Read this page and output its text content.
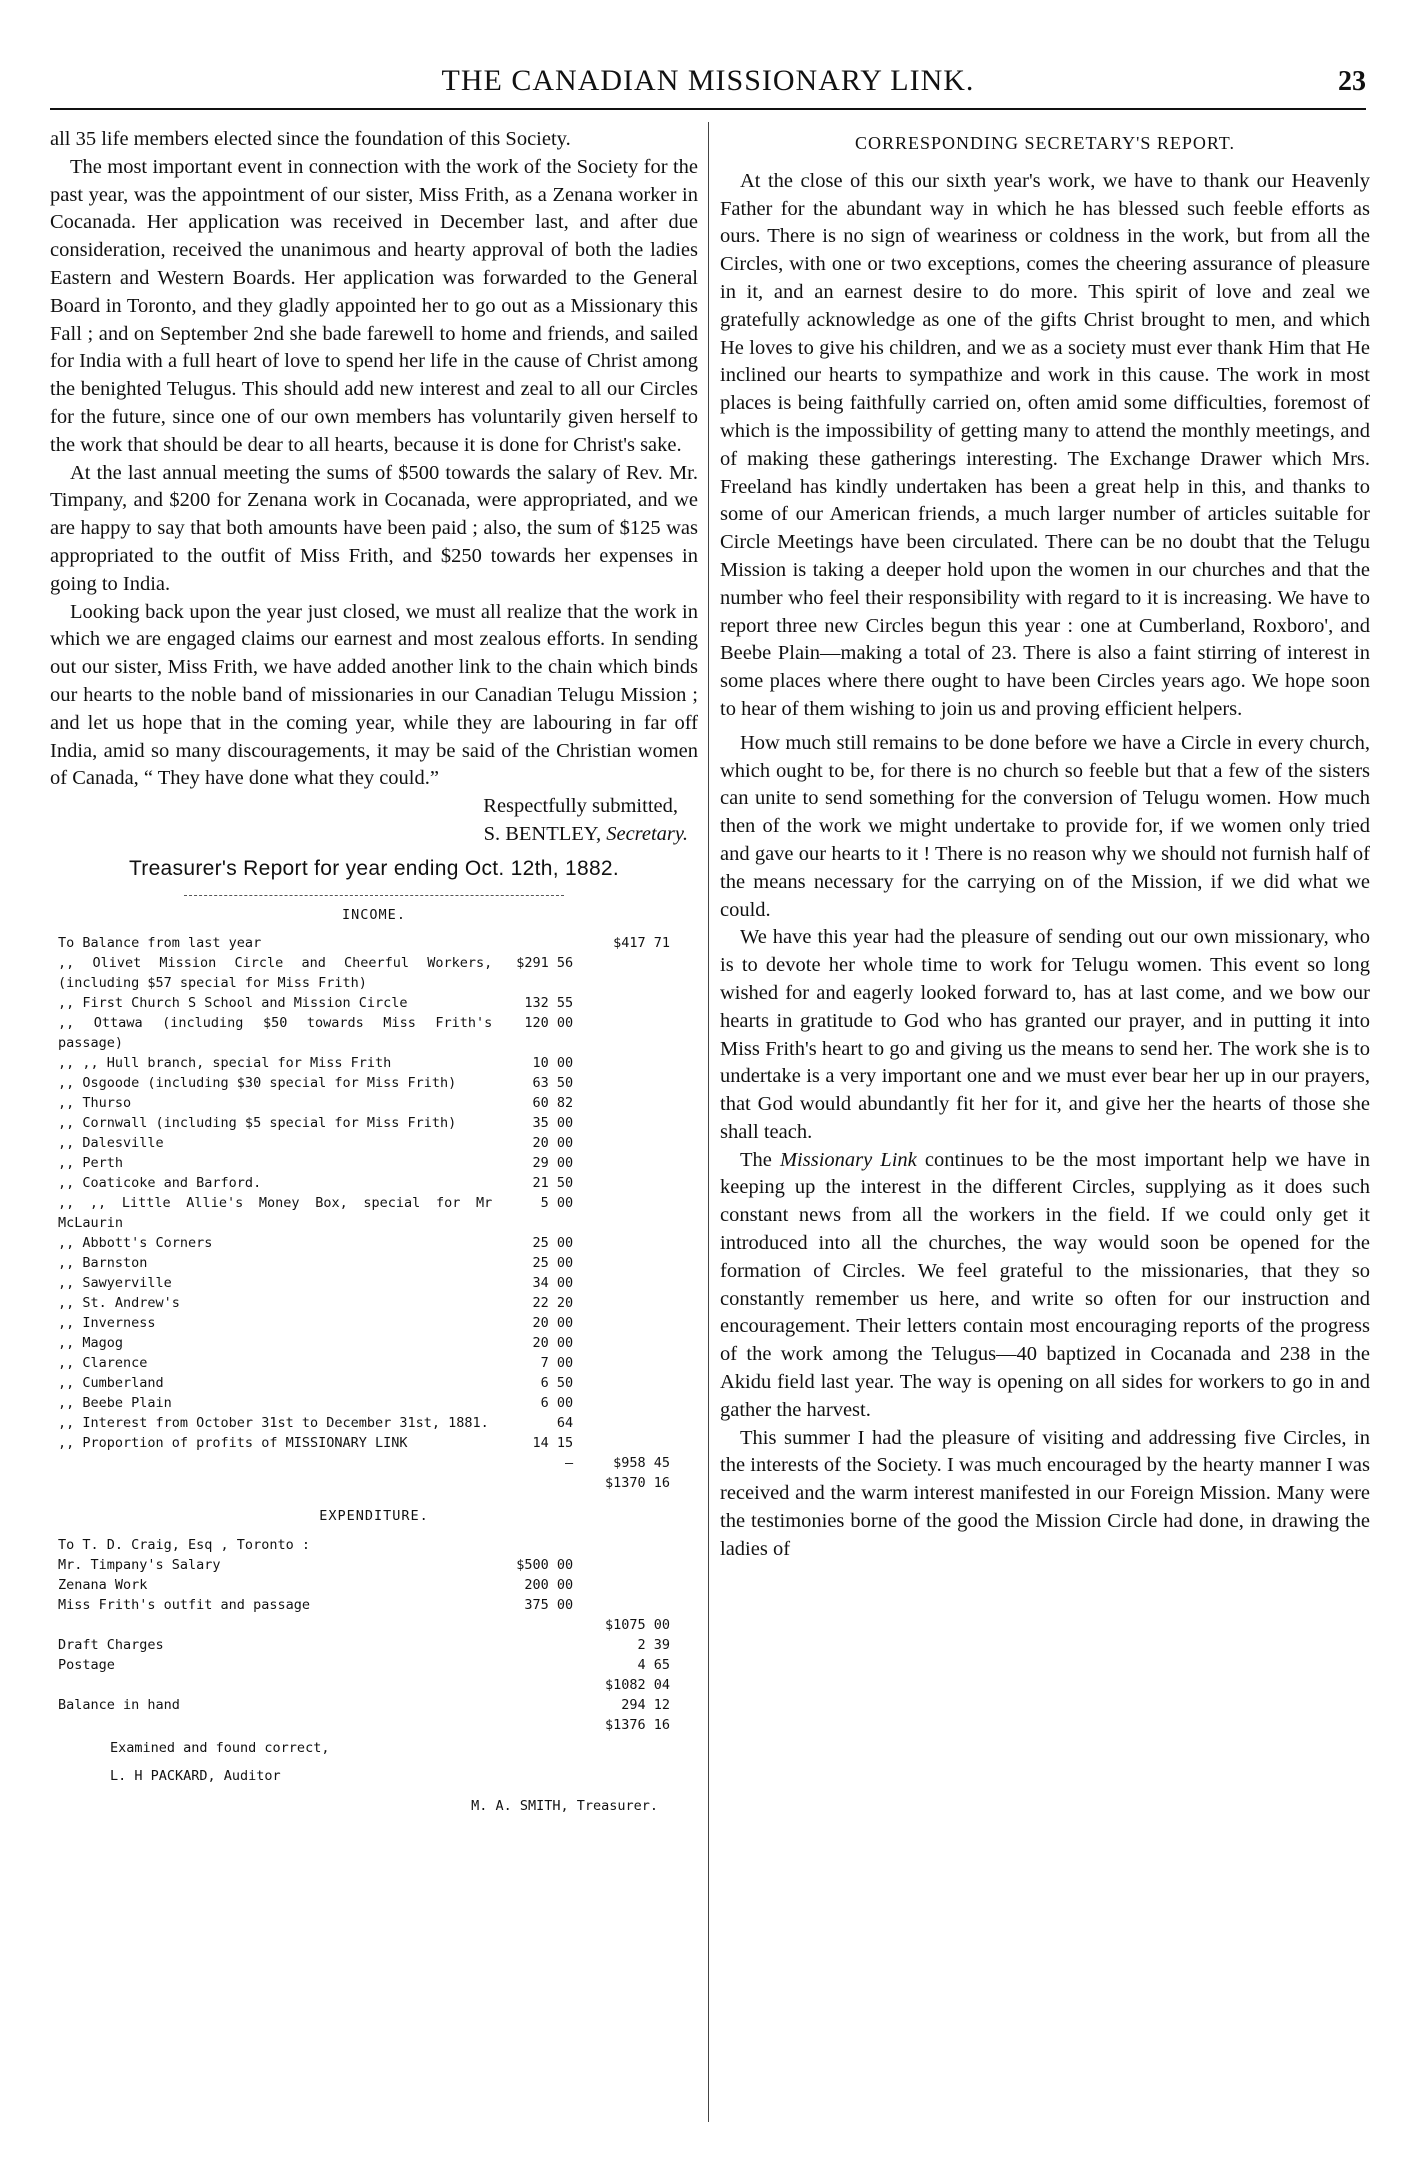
THE CANADIAN MISSIONARY LINK.	23

all 35 life members elected since the foundation of this Society.

The most important event in connection with the work of the Society for the past year, was the appointment of our sister, Miss Frith, as a Zenana worker in Cocanada. Her application was received in December last, and after due consideration, received the unanimous and hearty approval of both the ladies Eastern and Western Boards. Her application was forwarded to the General Board in Toronto, and they gladly appointed her to go out as a Missionary this Fall ; and on September 2nd she bade farewell to home and friends, and sailed for India with a full heart of love to spend her life in the cause of Christ among the benighted Telugus. This should add new interest and zeal to all our Circles for the future, since one of our own members has voluntarily given herself to the work that should be dear to all hearts, because it is done for Christ's sake.

At the last annual meeting the sums of $500 towards the salary of Rev. Mr. Timpany, and $200 for Zenana work in Cocanada, were appropriated, and we are happy to say that both amounts have been paid ; also, the sum of $125 was appropriated to the outfit of Miss Frith, and $250 towards her expenses in going to India.

Looking back upon the year just closed, we must all realize that the work in which we are engaged claims our earnest and most zealous efforts. In sending out our sister, Miss Frith, we have added another link to the chain which binds our hearts to the noble band of missionaries in our Canadian Telugu Mission ; and let us hope that in the coming year, while they are labouring in far off India, amid so many discouragements, it may be said of the Christian women of Canada, “ They have done what they could.”

Respectfully submitted,

S. BENTLEY, Secretary.

Treasurer's Report for year ending Oct. 12th, 1882.
INCOME.
To Balance from last year		$417 71
,, Olivet Mission Circle and Cheerful Workers, (including $57 special for Miss Frith)	$291 56	
,, First Church S School and Mission Circle	132 55	
,, Ottawa (including $50 towards Miss Frith's passage)	120 00	
,, ,, Hull branch, special for Miss Frith	10 00	
,, Osgoode (including $30 special for Miss Frith)	63 50	
,, Thurso	60 82	
,, Cornwall (including $5 special for Miss Frith)	35 00	
,, Dalesville	20 00	
,, Perth	29 00	
,, Coaticoke and Barford.	21 50	
,, ,, Little Allie's Money Box, special for Mr McLaurin	5 00	
,, Abbott's Corners	25 00	
,, Barnston	25 00	
,, Sawyerville	34 00	
,, St. Andrew's	22 20	
,, Inverness	20 00	
,, Magog	20 00	
,, Clarence	7 00	
,, Cumberland	6 50	
,, Beebe Plain	6 00	
,, Interest from October 31st to December 31st, 1881.	64	
,, Proportion of profits of MISSIONARY LINK	14 15	
	—	$958 45
		$1370 16
EXPENDITURE.
To T. D. Craig, Esq , Toronto :		
Mr. Timpany's Salary	$500 00	
Zenana Work	200 00	
Miss Frith's outfit and passage	375 00	
		$1075 00
Draft Charges		2 39
Postage		4 65
		$1082 04
Balance in hand		294 12
		$1376 16
Examined and found correct,
L. H PACKARD, Auditor
M. A. SMITH, Treasurer.
CORRESPONDING SECRETARY'S REPORT.

At the close of this our sixth year's work, we have to thank our Heavenly Father for the abundant way in which he has blessed such feeble efforts as ours. There is no sign of weariness or coldness in the work, but from all the Circles, with one or two exceptions, comes the cheering assurance of pleasure in it, and an earnest desire to do more. This spirit of love and zeal we gratefully acknowledge as one of the gifts Christ brought to men, and which He loves to give his children, and we as a society must ever thank Him that He inclined our hearts to sympathize and work in this cause. The work in most places is being faithfully carried on, often amid some difficulties, foremost of which is the impossibility of getting many to attend the monthly meetings, and of making these gatherings interesting. The Exchange Drawer which Mrs. Freeland has kindly undertaken has been a great help in this, and thanks to some of our American friends, a much larger number of articles suitable for Circle Meetings have been circulated. There can be no doubt that the Telugu Mission is taking a deeper hold upon the women in our churches and that the number who feel their responsibility with regard to it is increasing. We have to report three new Circles begun this year : one at Cumberland, Roxboro', and Beebe Plain—making a total of 23. There is also a faint stirring of interest in some places where there ought to have been Circles years ago. We hope soon to hear of them wishing to join us and proving efficient helpers.

How much still remains to be done before we have a Circle in every church, which ought to be, for there is no church so feeble but that a few of the sisters can unite to send something for the conversion of Telugu women. How much then of the work we might undertake to provide for, if we women only tried and gave our hearts to it ! There is no reason why we should not furnish half of the means necessary for the carrying on of the Mission, if we did what we could.

We have this year had the pleasure of sending out our own missionary, who is to devote her whole time to work for Telugu women. This event so long wished for and eagerly looked forward to, has at last come, and we bow our hearts in gratitude to God who has granted our prayer, and in putting it into Miss Frith's heart to go and giving us the means to send her. The work she is to undertake is a very important one and we must ever bear her up in our prayers, that God would abundantly fit her for it, and give her the hearts of those she shall teach.

The Missionary Link continues to be the most important help we have in keeping up the interest in the different Circles, supplying as it does such constant news from all the workers in the field. If we could only get it introduced into all the churches, the way would soon be opened for the formation of Circles. We feel grateful to the missionaries, that they so constantly remember us here, and write so often for our instruction and encouragement. Their letters contain most encouraging reports of the progress of the work among the Telugus—40 baptized in Cocanada and 238 in the Akidu field last year. The way is opening on all sides for workers to go in and gather the harvest.

This summer I had the pleasure of visiting and addressing five Circles, in the interests of the Society. I was much encouraged by the hearty manner I was received and the warm interest manifested in our Foreign Mission. Many were the testimonies borne of the good the Mission Circle had done, in drawing the ladies of
